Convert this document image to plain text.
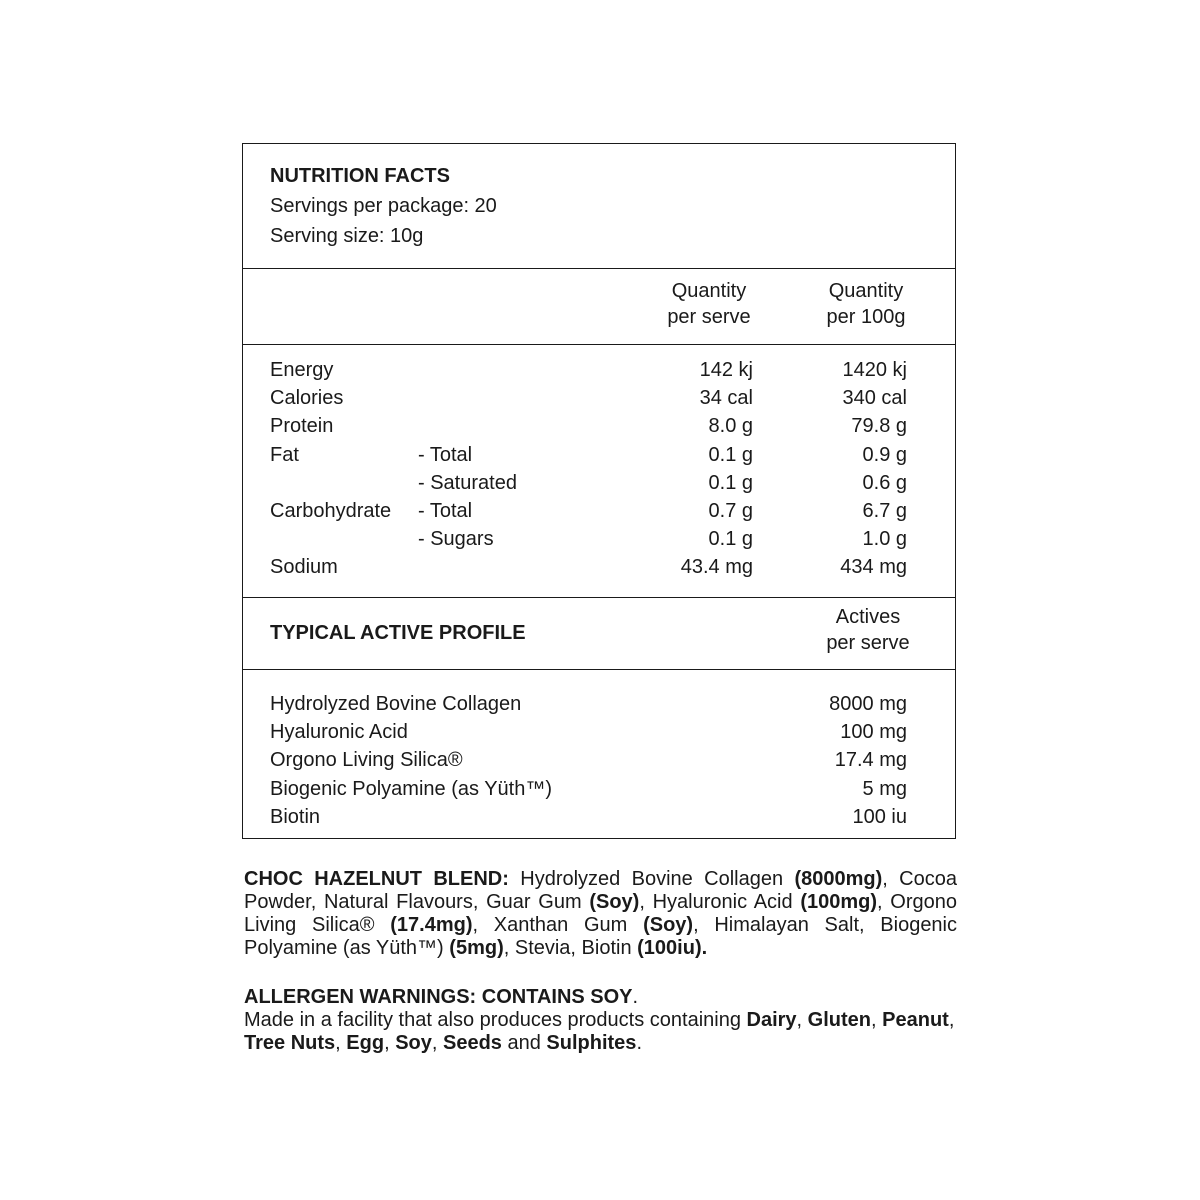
NUTRITION FACTS
Servings per package: 20
Serving size: 10g
Quantity
per serve
Quantity
per 100g
Energy	142 kj	1420 kj
Calories	34 cal	340 cal
Protein	8.0 g	79.8 g
Fat	- Total	0.1 g	0.9 g
- Saturated	0.1 g	0.6 g
Carbohydrate - Total	0.7 g	6.7 g
- Sugars	0.1 g	1.0 g
Sodium	43.4 mg	434 mg
TYPICAL ACTIVE PROFILE
Actives
per serve
Hydrolyzed Bovine Collagen	8000 mg
Hyaluronic Acid	100 mg
Orgono Living Silica®	17.4 mg
Biogenic Polyamine (as Yüth™)	5 mg
Biotin	100 iu
CHOC HAZELNUT BLEND: Hydrolyzed Bovine Collagen (8000mg), Cocoa Powder, Natural Flavours, Guar Gum (Soy), Hyaluronic Acid (100mg), Orgono Living Silica® (17.4mg), Xanthan Gum (Soy), Himalayan Salt, Biogenic Polyamine (as Yüth™) (5mg), Stevia, Biotin (100iu).
ALLERGEN WARNINGS: CONTAINS SOY.
Made in a facility that also produces products containing Dairy, Gluten, Peanut, Tree Nuts, Egg, Soy, Seeds and Sulphites.
